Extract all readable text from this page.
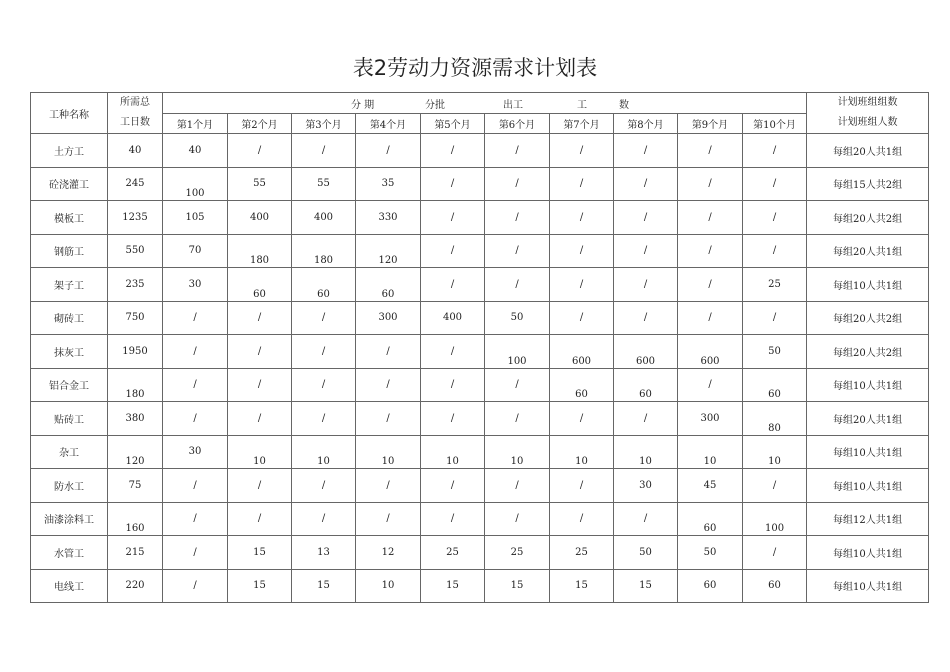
表2劳动力资源需求计划表
工种名称	所需总
工日数	分 期 分批 出工 工 数										计划班组组数
计划班组人数

		第1个月	第2个月	第3个月	第4个月	第5个月	第6个月	第7个月	第8个月	第9个月	第10个月	
土方工	40	40	/	/	/	/	/	/	/	/	/	每组20人共1组
砼浇灌工	245	100	55	55	35	/	/	/	/	/	/	每组15人共2组
模板工	1235	105	400	400	330	/	/	/	/	/	/	每组20人共2组
钢筋工	550	70	180	180	120	/	/	/	/	/	/	每组20人共1组
架子工	235	30	60	60	60	/	/	/	/	/	25	每组10人共1组
砌砖工	750	/	/	/	300	400	50	/	/	/	/	每组20人共2组
抹灰工	1950	/	/	/	/	/	100	600	600	600	50	每组20人共2组
铝合金工	180	/	/	/	/	/	/	60	60	/	60	每组10人共1组
贴砖工	380	/	/	/	/	/	/	/	/	300	80	每组20人共1组
杂工	120	30	10	10	10	10	10	10	10	10	10	每组10人共1组
防水工	75	/	/	/	/	/	/	/	30	45	/	每组10人共1组
油漆涂料工	160	/	/	/	/	/	/	/	/	60	100	每组12人共1组
水管工	215	/	15	13	12	25	25	25	50	50	/	每组10人共1组
电线工	220	/	15	15	10	15	15	15	15	60	60	每组10人共1组
